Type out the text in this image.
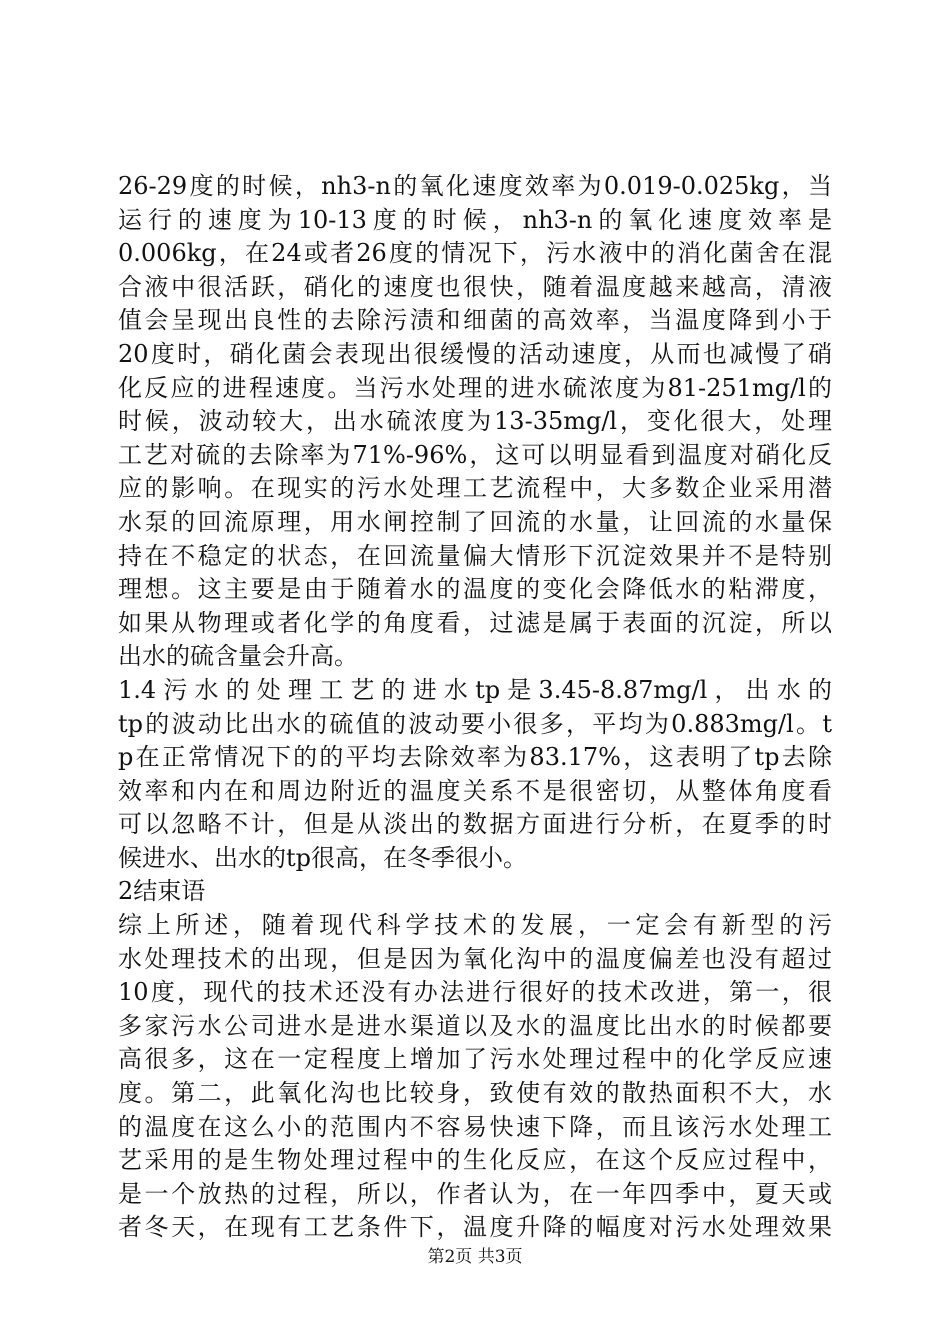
26-29度的时候，nh3-n的氧化速度效率为0.019-0.025kg，当
运行的速度为10-13度的时候，nh3-n的氧化速度效率是
0.006kg，在24或者26度的情况下，污水液中的消化菌舍在混
合液中很活跃，硝化的速度也很快，随着温度越来越高，清液
值会呈现出良性的去除污渍和细菌的高效率，当温度降到小于
20度时，硝化菌会表现出很缓慢的活动速度，从而也减慢了硝
化反应的进程速度。当污水处理的进水硫浓度为81-251mg/l的
时候，波动较大，出水硫浓度为13-35mg/l，变化很大，处理
工艺对硫的去除率为71%-96%，这可以明显看到温度对硝化反
应的影响。在现实的污水处理工艺流程中，大多数企业采用潜
水泵的回流原理，用水闸控制了回流的水量，让回流的水量保
持在不稳定的状态，在回流量偏大情形下沉淀效果并不是特别
理想。这主要是由于随着水的温度的变化会降低水的粘滞度，
如果从物理或者化学的角度看，过滤是属于表面的沉淀，所以
出水的硫含量会升高。
1.4污水的处理工艺的进水tp是3.45-8.87mg/l，出水的
tp的波动比出水的硫值的波动要小很多，平均为0.883mg/l。t
p在正常情况下的的平均去除效率为83.17%，这表明了tp去除
效率和内在和周边附近的温度关系不是很密切，从整体角度看
可以忽略不计，但是从淡出的数据方面进行分析，在夏季的时
候进水、出水的tp很高，在冬季很小。
2结束语
综上所述，随着现代科学技术的发展，一定会有新型的污
水处理技术的出现，但是因为氧化沟中的温度偏差也没有超过
10度，现代的技术还没有办法进行很好的技术改进，第一，很
多家污水公司进水是进水渠道以及水的温度比出水的时候都要
高很多，这在一定程度上增加了污水处理过程中的化学反应速
度。第二，此氧化沟也比较身，致使有效的散热面积不大，水
的温度在这么小的范围内不容易快速下降，而且该污水处理工
艺采用的是生物处理过程中的生化反应，在这个反应过程中，
是一个放热的过程，所以，作者认为，在一年四季中，夏天或
者冬天，在现有工艺条件下，温度升降的幅度对污水处理效果
第2页 共3页
